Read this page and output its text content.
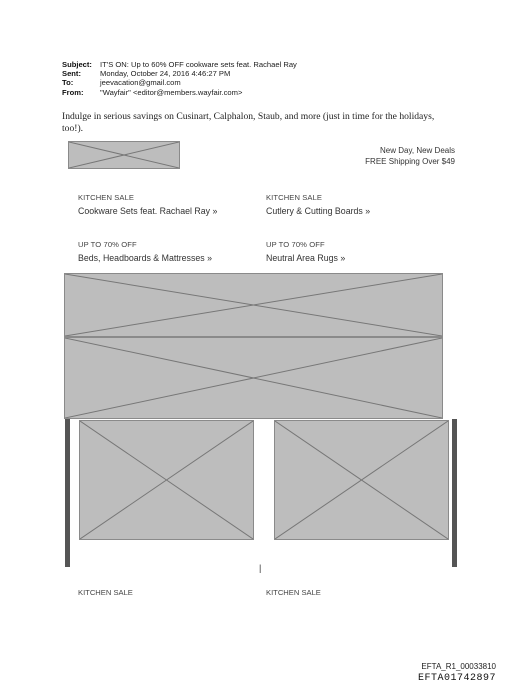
Subject:	IT'S ON: Up to 60% OFF cookware sets feat. Rachael Ray
Sent:	Monday, October 24, 2016 4:46:27 PM
To:	jeevacation@gmail.com
From:	"Wayfair" <editor@members.wayfair.com>
Indulge in serious savings on Cusinart, Calphalon, Staub, and more (just in time for the holidays, too!).
New Day, New Deals
FREE Shipping Over $49
KITCHEN SALE
Cookware Sets feat. Rachael Ray »
KITCHEN SALE
Cutlery & Cutting Boards »
UP TO 70% OFF
Beds, Headboards & Mattresses »
UP TO 70% OFF
Neutral Area Rugs »
|
KITCHEN SALE	KITCHEN SALE
EFTA_R1_00033810
EFTA01742897
